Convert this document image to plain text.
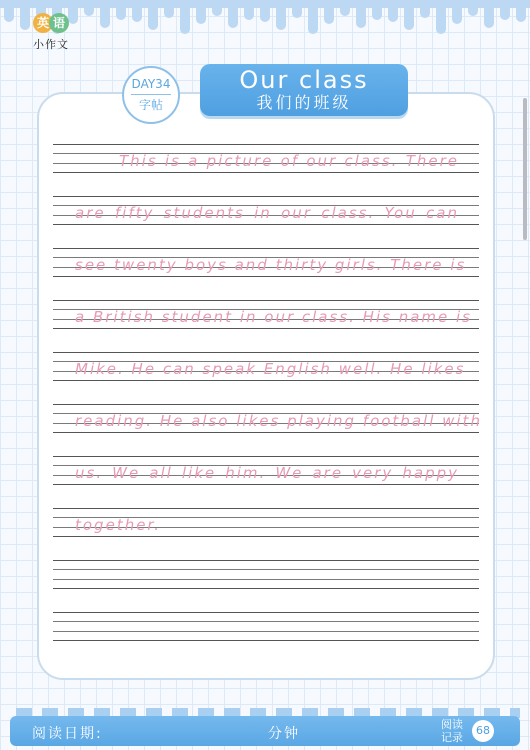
英 语
小作文
DAY34
字帖
Our class
我们的班级
This is a picture of our class. There
are fifty students in our class. You can
see twenty boys and thirty girls. There is
a British student in our class. His name is
Mike. He can speak English well. He likes
reading. He also likes playing football with
us. We all like him. We are very happy
together.
阅读日期:	分钟
阅读
记录
68
